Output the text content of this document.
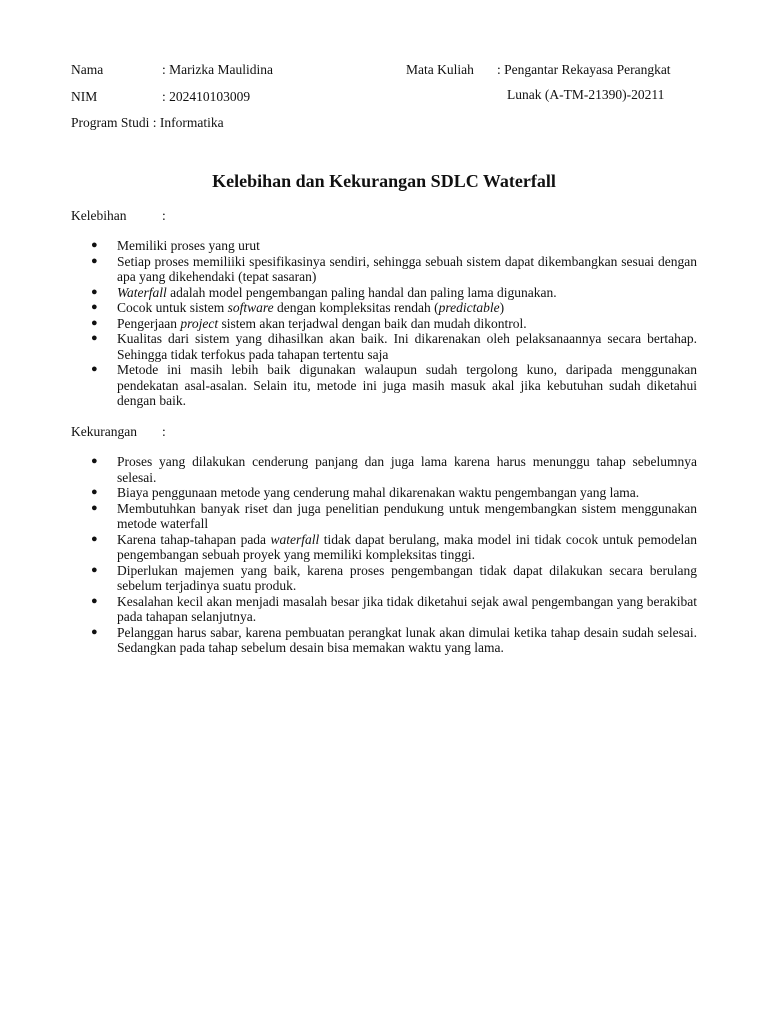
Nama	: Marizka Maulidina
NIM	: 202410103009
Program Studi : Informatika
Mata Kuliah : Pengantar Rekayasa Perangkat
Lunak (A-TM-21390)-20211
Kelebihan dan Kekurangan SDLC Waterfall
Kelebihan	:
● Memiliki proses yang urut
● Setiap proses memiliiki spesifikasinya sendiri, sehingga sebuah sistem dapat dikembangkan sesuai dengan apa yang dikehendaki (tepat sasaran)
● Waterfall adalah model pengembangan paling handal dan paling lama digunakan.
● Cocok untuk sistem software dengan kompleksitas rendah (predictable)
● Pengerjaan project sistem akan terjadwal dengan baik dan mudah dikontrol.
● Kualitas dari sistem yang dihasilkan akan baik. Ini dikarenakan oleh pelaksanaannya secara bertahap. Sehingga tidak terfokus pada tahapan tertentu saja
● Metode ini masih lebih baik digunakan walaupun sudah tergolong kuno, daripada menggunakan pendekatan asal-asalan. Selain itu, metode ini juga masih masuk akal jika kebutuhan sudah diketahui dengan baik.
Kekurangan :
● Proses yang dilakukan cenderung panjang dan juga lama karena harus menunggu tahap sebelumnya selesai.
● Biaya penggunaan metode yang cenderung mahal dikarenakan waktu pengembangan yang lama.
● Membutuhkan banyak riset dan juga penelitian pendukung untuk mengembangkan sistem menggunakan metode waterfall
● Karena tahap-tahapan pada waterfall tidak dapat berulang, maka model ini tidak cocok untuk pemodelan pengembangan sebuah proyek yang memiliki kompleksitas tinggi.
● Diperlukan majemen yang baik, karena proses pengembangan tidak dapat dilakukan secara berulang sebelum terjadinya suatu produk.
● Kesalahan kecil akan menjadi masalah besar jika tidak diketahui sejak awal pengembangan yang berakibat pada tahapan selanjutnya.
● Pelanggan harus sabar, karena pembuatan perangkat lunak akan dimulai ketika tahap desain sudah selesai. Sedangkan pada tahap sebelum desain bisa memakan waktu yang lama.
